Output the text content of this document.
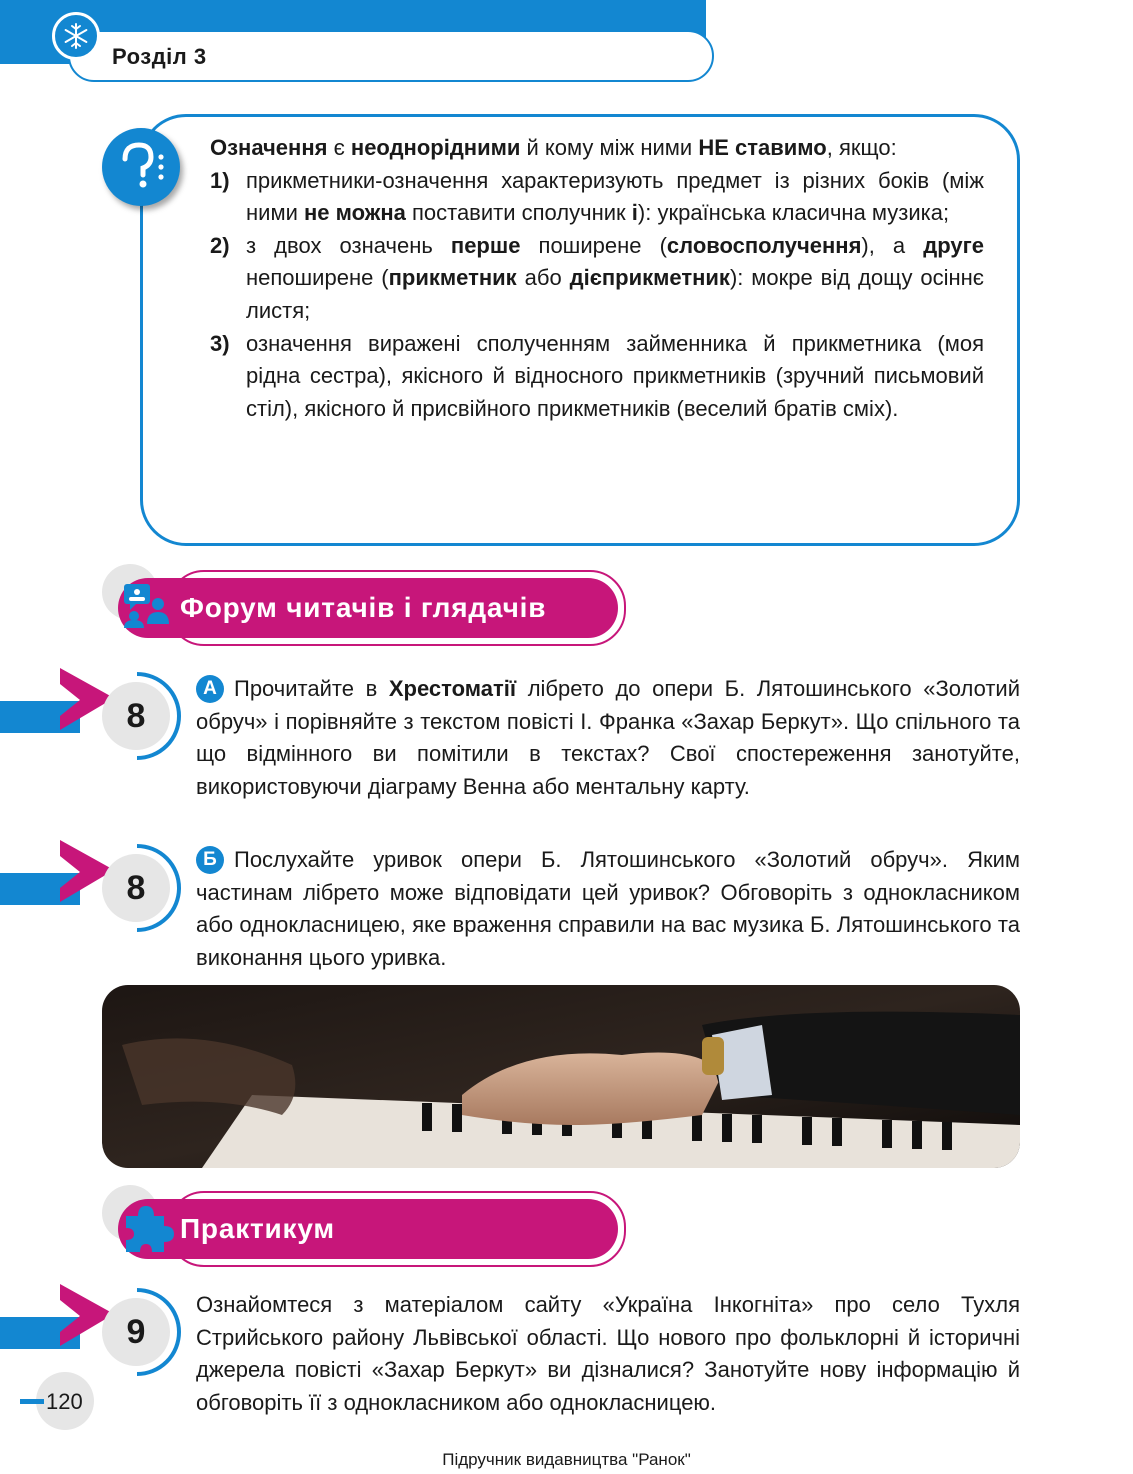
Розділ 3

Означення є неоднорідними й кому між ними НЕ ставимо, якщо:

1) прикметники-означення характеризують предмет із різних боків (між ними не можна поставити сполучник і): українська класична музика;
2) з двох означень перше поширене (словосполучення), а друге непоширене (прикметник або дієприкметник): мокре від дощу осіннє листя;
3) означення виражені сполученням займенника й прикметника (моя рідна сестра), якісного й відносного прикметників (зручний письмовий стіл), якісного й присвійного прикметників (веселий братів сміх).
Форум читачів і глядачів
8

А Прочитайте в Хрестоматії лібрето до опери Б. Лятошинського «Золотий обруч» і порівняйте з текстом повісті І. Франка «Захар Беркут». Що спільного та що відмінного ви помітили в текстах? Свої спостереження занотуйте, використовуючи діаграму Венна або ментальну карту.

8

Б Послухайте уривок опери Б. Лятошинського «Золотий обруч». Яким частинам лібрето може відповідати цей уривок? Обговоріть з однокласником або однокласницею, яке враження справили на вас музика Б. Лятошинського та виконання цього уривка.

Практикум
9

Ознайомтеся з матеріалом сайту «Україна Інкогніта» про село Тухля Стрийського району Львівської області. Що нового про фольклорні й історичні джерела повісті «Захар Беркут» ви дізналися? Занотуйте нову інформацію й обговоріть її з однокласником або однокласницею.

120
Підручник видавництва "Ранок"
